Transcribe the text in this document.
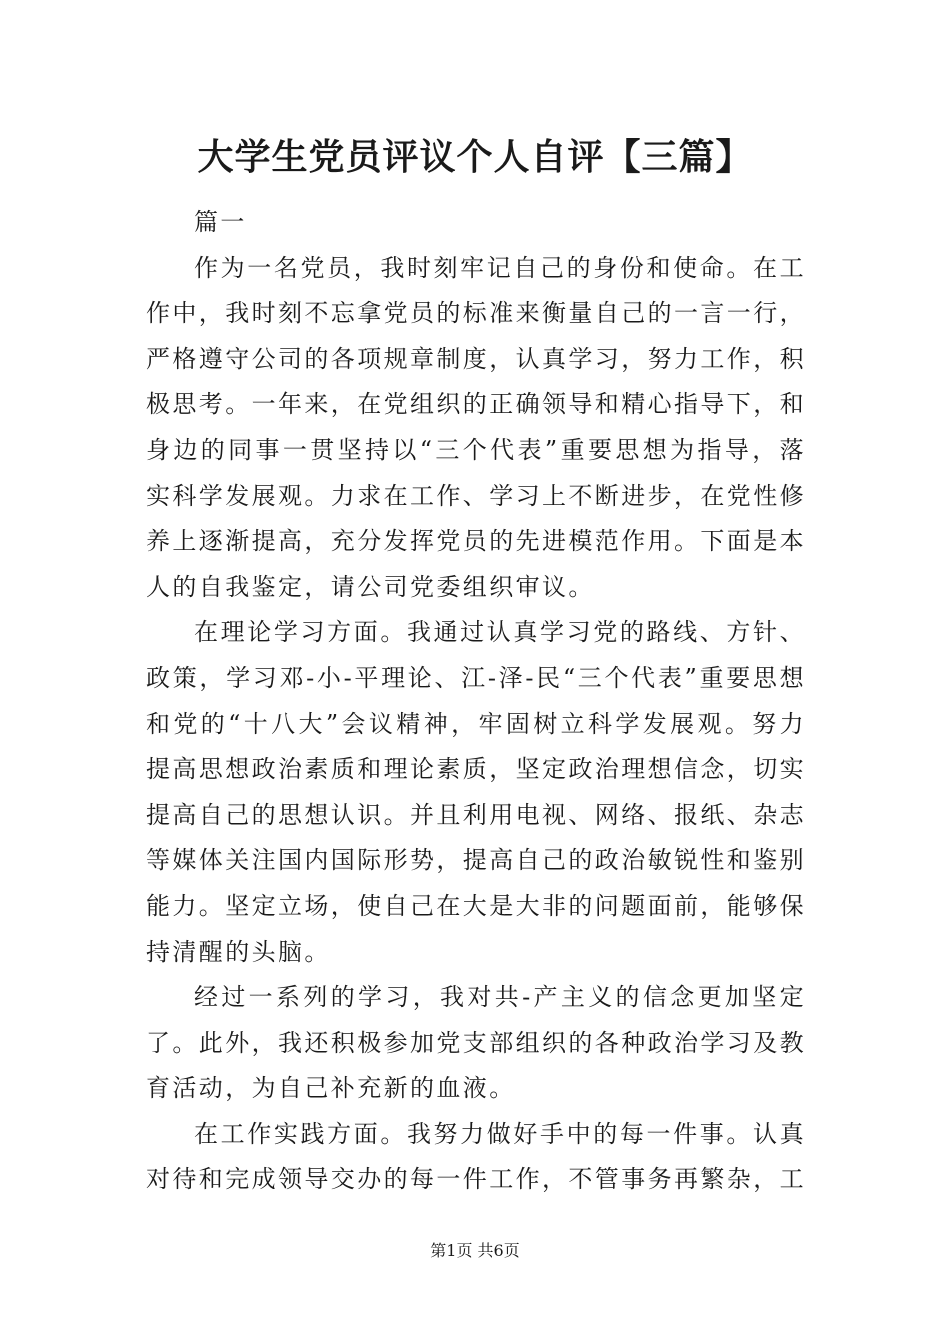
大学生党员评议个人自评【三篇】

篇一

作为一名党员，我时刻牢记自己的身份和使命。在工作中，我时刻不忘拿党员的标准来衡量自己的一言一行，严格遵守公司的各项规章制度，认真学习，努力工作，积极思考。一年来，在党组织的正确领导和精心指导下，和身边的同事一贯坚持以“三个代表”重要思想为指导，落实科学发展观。力求在工作、学习上不断进步，在党性修养上逐渐提高，充分发挥党员的先进模范作用。下面是本人的自我鉴定，请公司党委组织审议。

在理论学习方面。我通过认真学习党的路线、方针、政策，学习邓-小-平理论、江-泽-民“三个代表”重要思想和党的“十八大”会议精神，牢固树立科学发展观。努力提高思想政治素质和理论素质，坚定政治理想信念，切实提高自己的思想认识。并且利用电视、网络、报纸、杂志等媒体关注国内国际形势，提高自己的政治敏锐性和鉴别能力。坚定立场，使自己在大是大非的问题面前，能够保持清醒的头脑。

经过一系列的学习，我对共-产主义的信念更加坚定了。此外，我还积极参加党支部组织的各种政治学习及教育活动，为自己补充新的血液。

在工作实践方面。我努力做好手中的每一件事。认真对待和完成领导交办的每一件工作，不管事务再繁杂，工

第1页 共6页
